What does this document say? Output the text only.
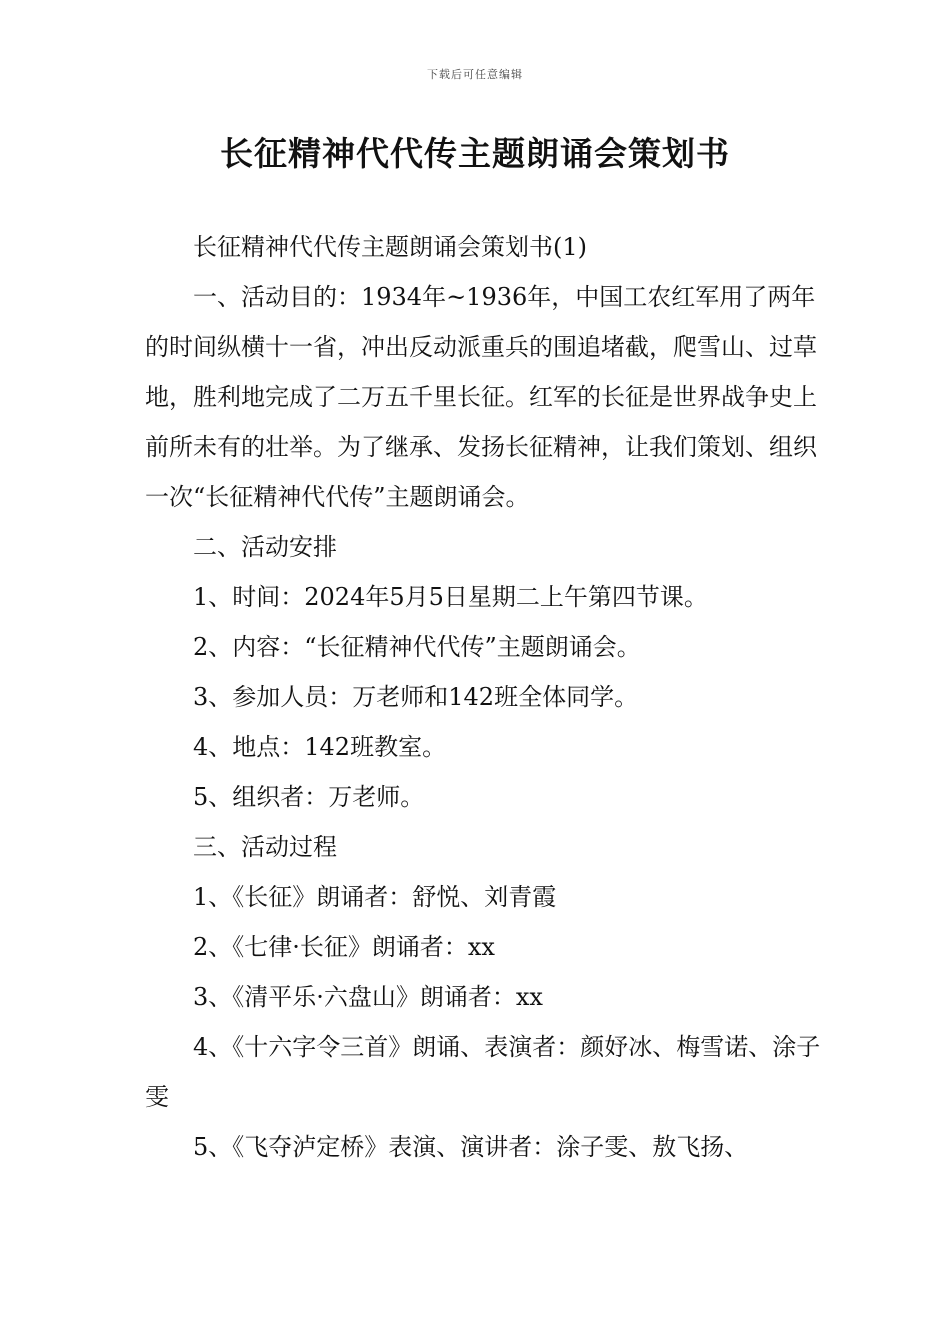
下载后可任意编辑
长征精神代代传主题朗诵会策划书

长征精神代代传主题朗诵会策划书(1)

一、活动目的：1934年~1936年，中国工农红军用了两年的时间纵横十一省，冲出反动派重兵的围追堵截，爬雪山、过草地，胜利地完成了二万五千里长征。红军的长征是世界战争史上前所未有的壮举。为了继承、发扬长征精神，让我们策划、组织一次“长征精神代代传”主题朗诵会。

二、活动安排

1、时间：2024年5月5日星期二上午第四节课。

2、内容：“长征精神代代传”主题朗诵会。

3、参加人员：万老师和142班全体同学。

4、地点：142班教室。

5、组织者：万老师。

三、活动过程

1、《长征》朗诵者：舒悦、刘青霞

2、《七律·长征》朗诵者：xx

3、《清平乐·六盘山》朗诵者：xx

4、《十六字令三首》朗诵、表演者：颜妤冰、梅雪诺、涂子雯

5、《飞夺泸定桥》表演、演讲者：涂子雯、敖飞扬、
